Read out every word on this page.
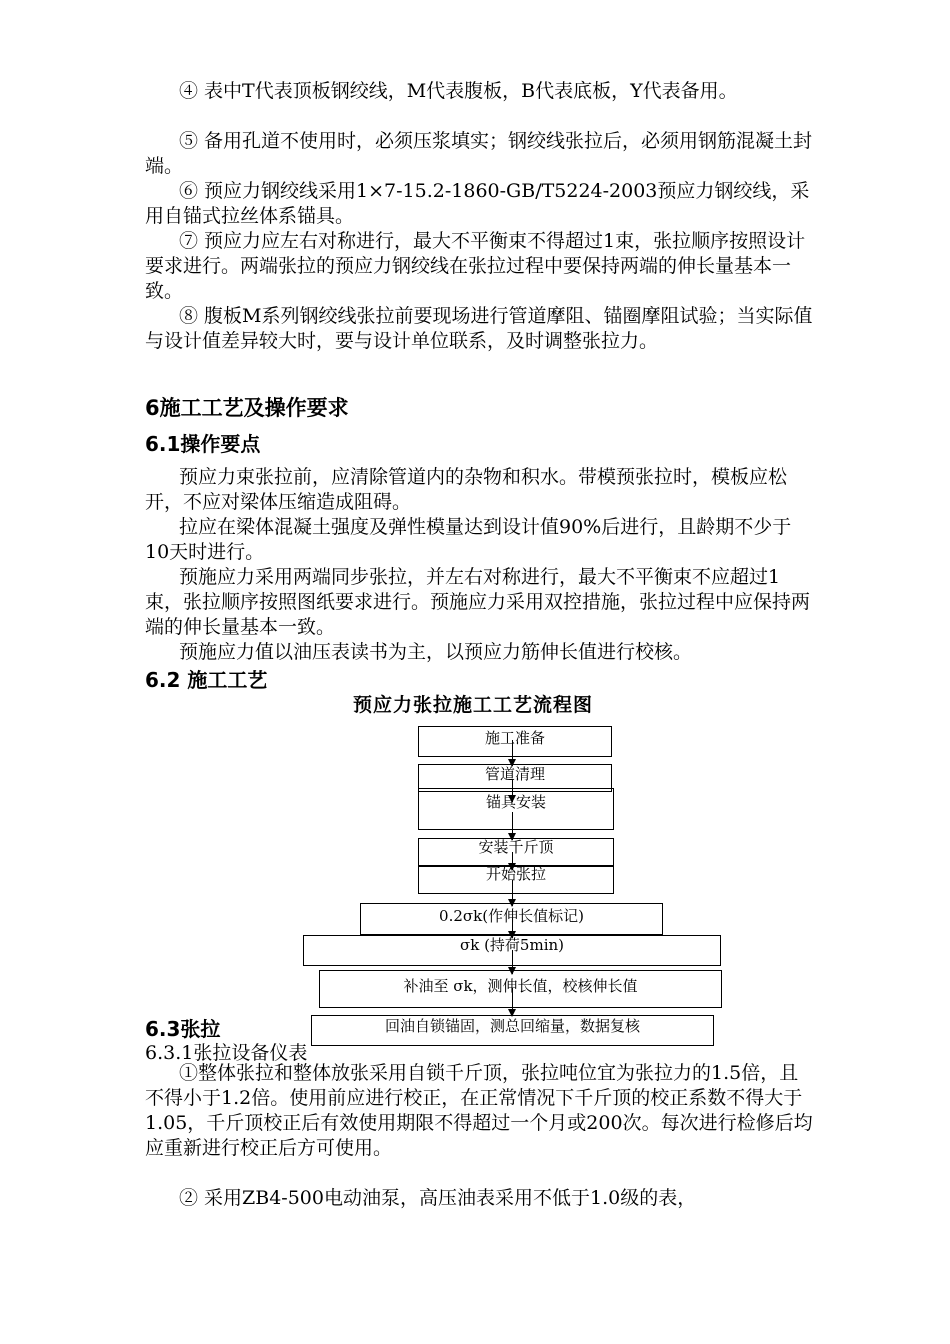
④ 表中T代表顶板钢绞线，M代表腹板，B代表底板，Y代表备用。

⑤ 备用孔道不使用时，必须压浆填实；钢绞线张拉后，必须用钢筋混凝土封端。

⑥ 预应力钢绞线采用1×7-15.2-1860-GB/T5224-2003预应力钢绞线，采用自锚式拉丝体系锚具。

⑦ 预应力应左右对称进行，最大不平衡束不得超过1束，张拉顺序按照设计要求进行。两端张拉的预应力钢绞线在张拉过程中要保持两端的伸长量基本一致。

⑧ 腹板M系列钢绞线张拉前要现场进行管道摩阻、锚圈摩阻试验；当实际值与设计值差异较大时，要与设计单位联系，及时调整张拉力。

6施工工艺及操作要求
6.1操作要点

预应力束张拉前，应清除管道内的杂物和积水。带模预张拉时，模板应松开，不应对梁体压缩造成阻碍。

拉应在梁体混凝土强度及弹性模量达到设计值90%后进行，且龄期不少于10天时进行。

预施应力采用两端同步张拉，并左右对称进行，最大不平衡束不应超过1束，张拉顺序按照图纸要求进行。预施应力采用双控措施，张拉过程中应保持两端的伸长量基本一致。

预施应力值以油压表读书为主，以预应力筋伸长值进行校核。

6.2 施工工艺
预应力张拉施工工艺流程图
施工准备
管道清理
锚具安装
安装千斤顶
开始张拉
0.2σk(作伸长值标记)
σk (持荷5min)
补油至 σk，测伸长值，校核伸长值
回油自锁锚固，测总回缩量，数据复核
6.3张拉

6.3.1张拉设备仪表

①整体张拉和整体放张采用自锁千斤顶，张拉吨位宜为张拉力的1.5倍，且不得小于1.2倍。使用前应进行校正，在正常情况下千斤顶的校正系数不得大于1.05，千斤顶校正后有效使用期限不得超过一个月或200次。每次进行检修后均应重新进行校正后方可使用。

② 采用ZB4-500电动油泵，高压油表采用不低于1.0级的表，
